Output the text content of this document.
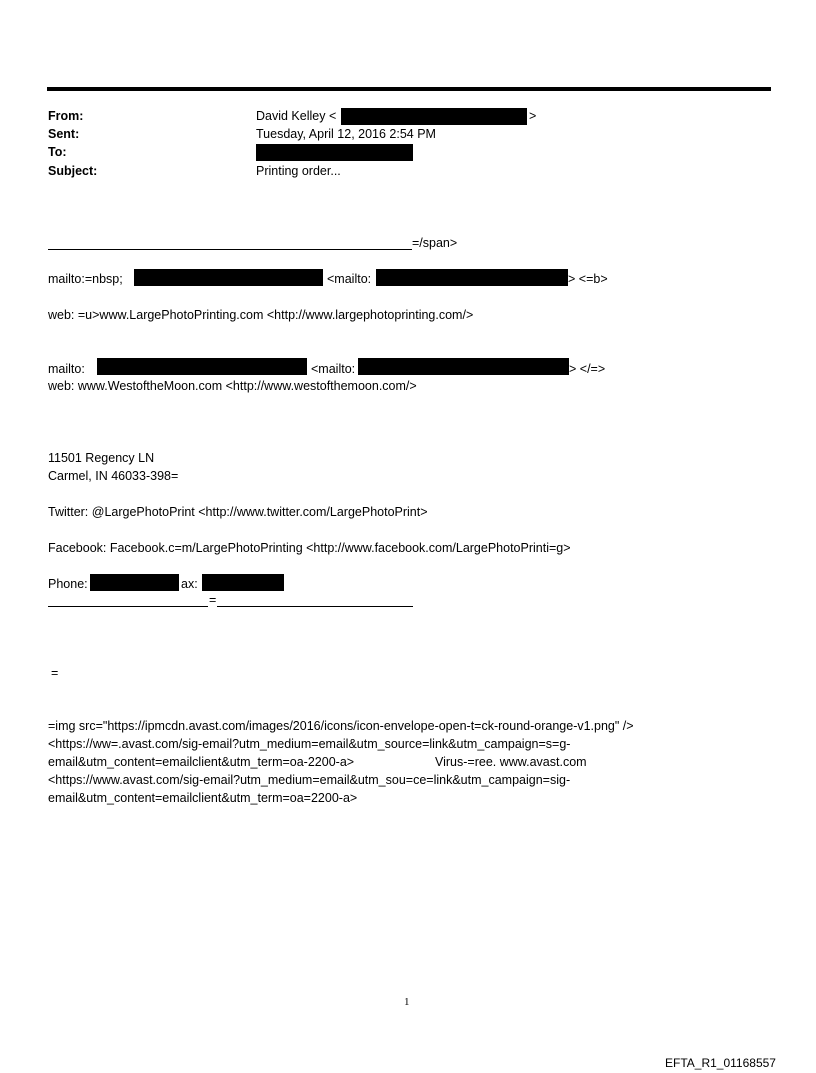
From:	David Kelley <	>
Sent:	Tuesday, April 12, 2016 2:54 PM
To:
Subject:	Printing order...
=/span>
mailto:=nbsp;	<mailto:	> <=b>
web: =u>www.LargePhotoPrinting.com <http://www.largephotoprinting.com/>
mailto:	<mailto:	> </=>
web: www.WestoftheMoon.com <http://www.westofthemoon.com/>
11501 Regency LN
Carmel, IN 46033-398=
Twitter: @LargePhotoPrint <http://www.twitter.com/LargePhotoPrint>
Facebook: Facebook.c=m/LargePhotoPrinting <http://www.facebook.com/LargePhotoPrinti=g>
Phone:	ax:
=
=
=img src="https://ipmcdn.avast.com/images/2016/icons/icon-envelope-open-t=ck-round-orange-v1.png" />
<https://ww=.avast.com/sig-email?utm_medium=email&utm_source=link&utm_campaign=s=g-
email&utm_content=emailclient&utm_term=oa-2200-a>	Virus-=ree. www.avast.com
<https://www.avast.com/sig-email?utm_medium=email&utm_sou=ce=link&utm_campaign=sig-
email&utm_content=emailclient&utm_term=oa=2200-a>
1
EFTA_R1_01168557
